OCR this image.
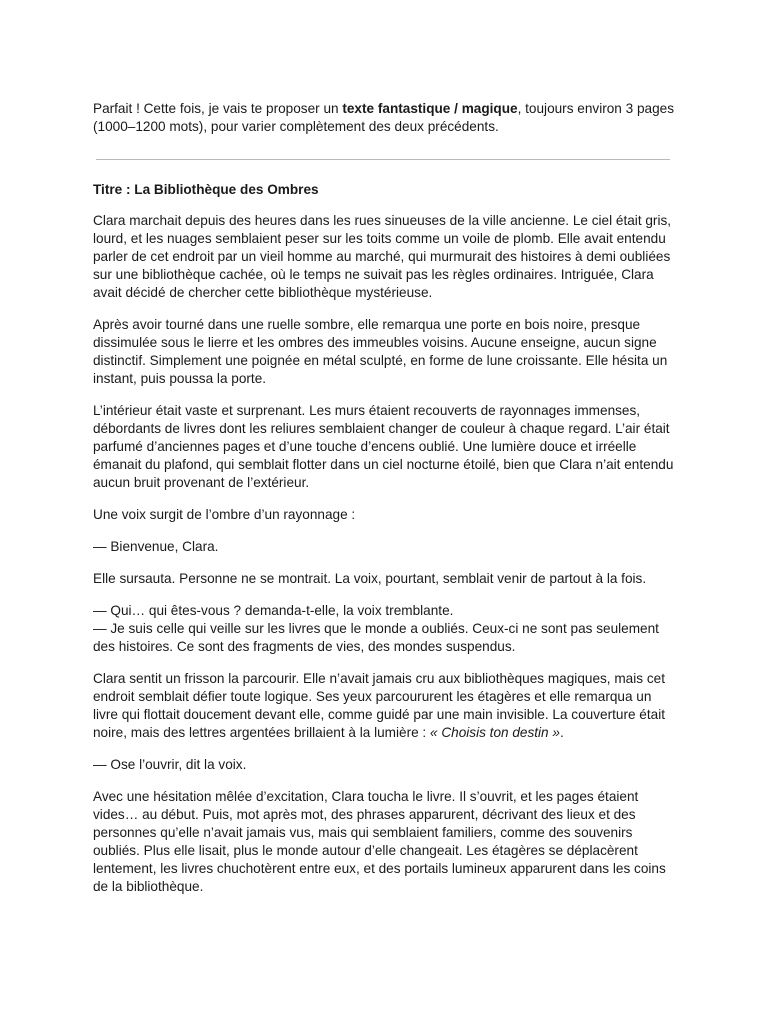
Parfait ! Cette fois, je vais te proposer un texte fantastique / magique, toujours environ 3 pages (1000–1200 mots), pour varier complètement des deux précédents.

Titre : La Bibliothèque des Ombres

Clara marchait depuis des heures dans les rues sinueuses de la ville ancienne. Le ciel était gris, lourd, et les nuages semblaient peser sur les toits comme un voile de plomb. Elle avait entendu parler de cet endroit par un vieil homme au marché, qui murmurait des histoires à demi oubliées sur une bibliothèque cachée, où le temps ne suivait pas les règles ordinaires. Intriguée, Clara avait décidé de chercher cette bibliothèque mystérieuse.

Après avoir tourné dans une ruelle sombre, elle remarqua une porte en bois noire, presque dissimulée sous le lierre et les ombres des immeubles voisins. Aucune enseigne, aucun signe distinctif. Simplement une poignée en métal sculpté, en forme de lune croissante. Elle hésita un instant, puis poussa la porte.

L’intérieur était vaste et surprenant. Les murs étaient recouverts de rayonnages immenses, débordants de livres dont les reliures semblaient changer de couleur à chaque regard. L’air était parfumé d’anciennes pages et d’une touche d’encens oublié. Une lumière douce et irréelle émanait du plafond, qui semblait flotter dans un ciel nocturne étoilé, bien que Clara n’ait entendu aucun bruit provenant de l’extérieur.

Une voix surgit de l’ombre d’un rayonnage :

— Bienvenue, Clara.

Elle sursauta. Personne ne se montrait. La voix, pourtant, semblait venir de partout à la fois.

— Qui… qui êtes-vous ? demanda-t-elle, la voix tremblante.
— Je suis celle qui veille sur les livres que le monde a oubliés. Ceux-ci ne sont pas seulement des histoires. Ce sont des fragments de vies, des mondes suspendus.

Clara sentit un frisson la parcourir. Elle n’avait jamais cru aux bibliothèques magiques, mais cet endroit semblait défier toute logique. Ses yeux parcoururent les étagères et elle remarqua un livre qui flottait doucement devant elle, comme guidé par une main invisible. La couverture était noire, mais des lettres argentées brillaient à la lumière : « Choisis ton destin ».

— Ose l’ouvrir, dit la voix.

Avec une hésitation mêlée d’excitation, Clara toucha le livre. Il s’ouvrit, et les pages étaient vides… au début. Puis, mot après mot, des phrases apparurent, décrivant des lieux et des personnes qu’elle n’avait jamais vus, mais qui semblaient familiers, comme des souvenirs oubliés. Plus elle lisait, plus le monde autour d’elle changeait. Les étagères se déplacèrent lentement, les livres chuchotèrent entre eux, et des portails lumineux apparurent dans les coins de la bibliothèque.
